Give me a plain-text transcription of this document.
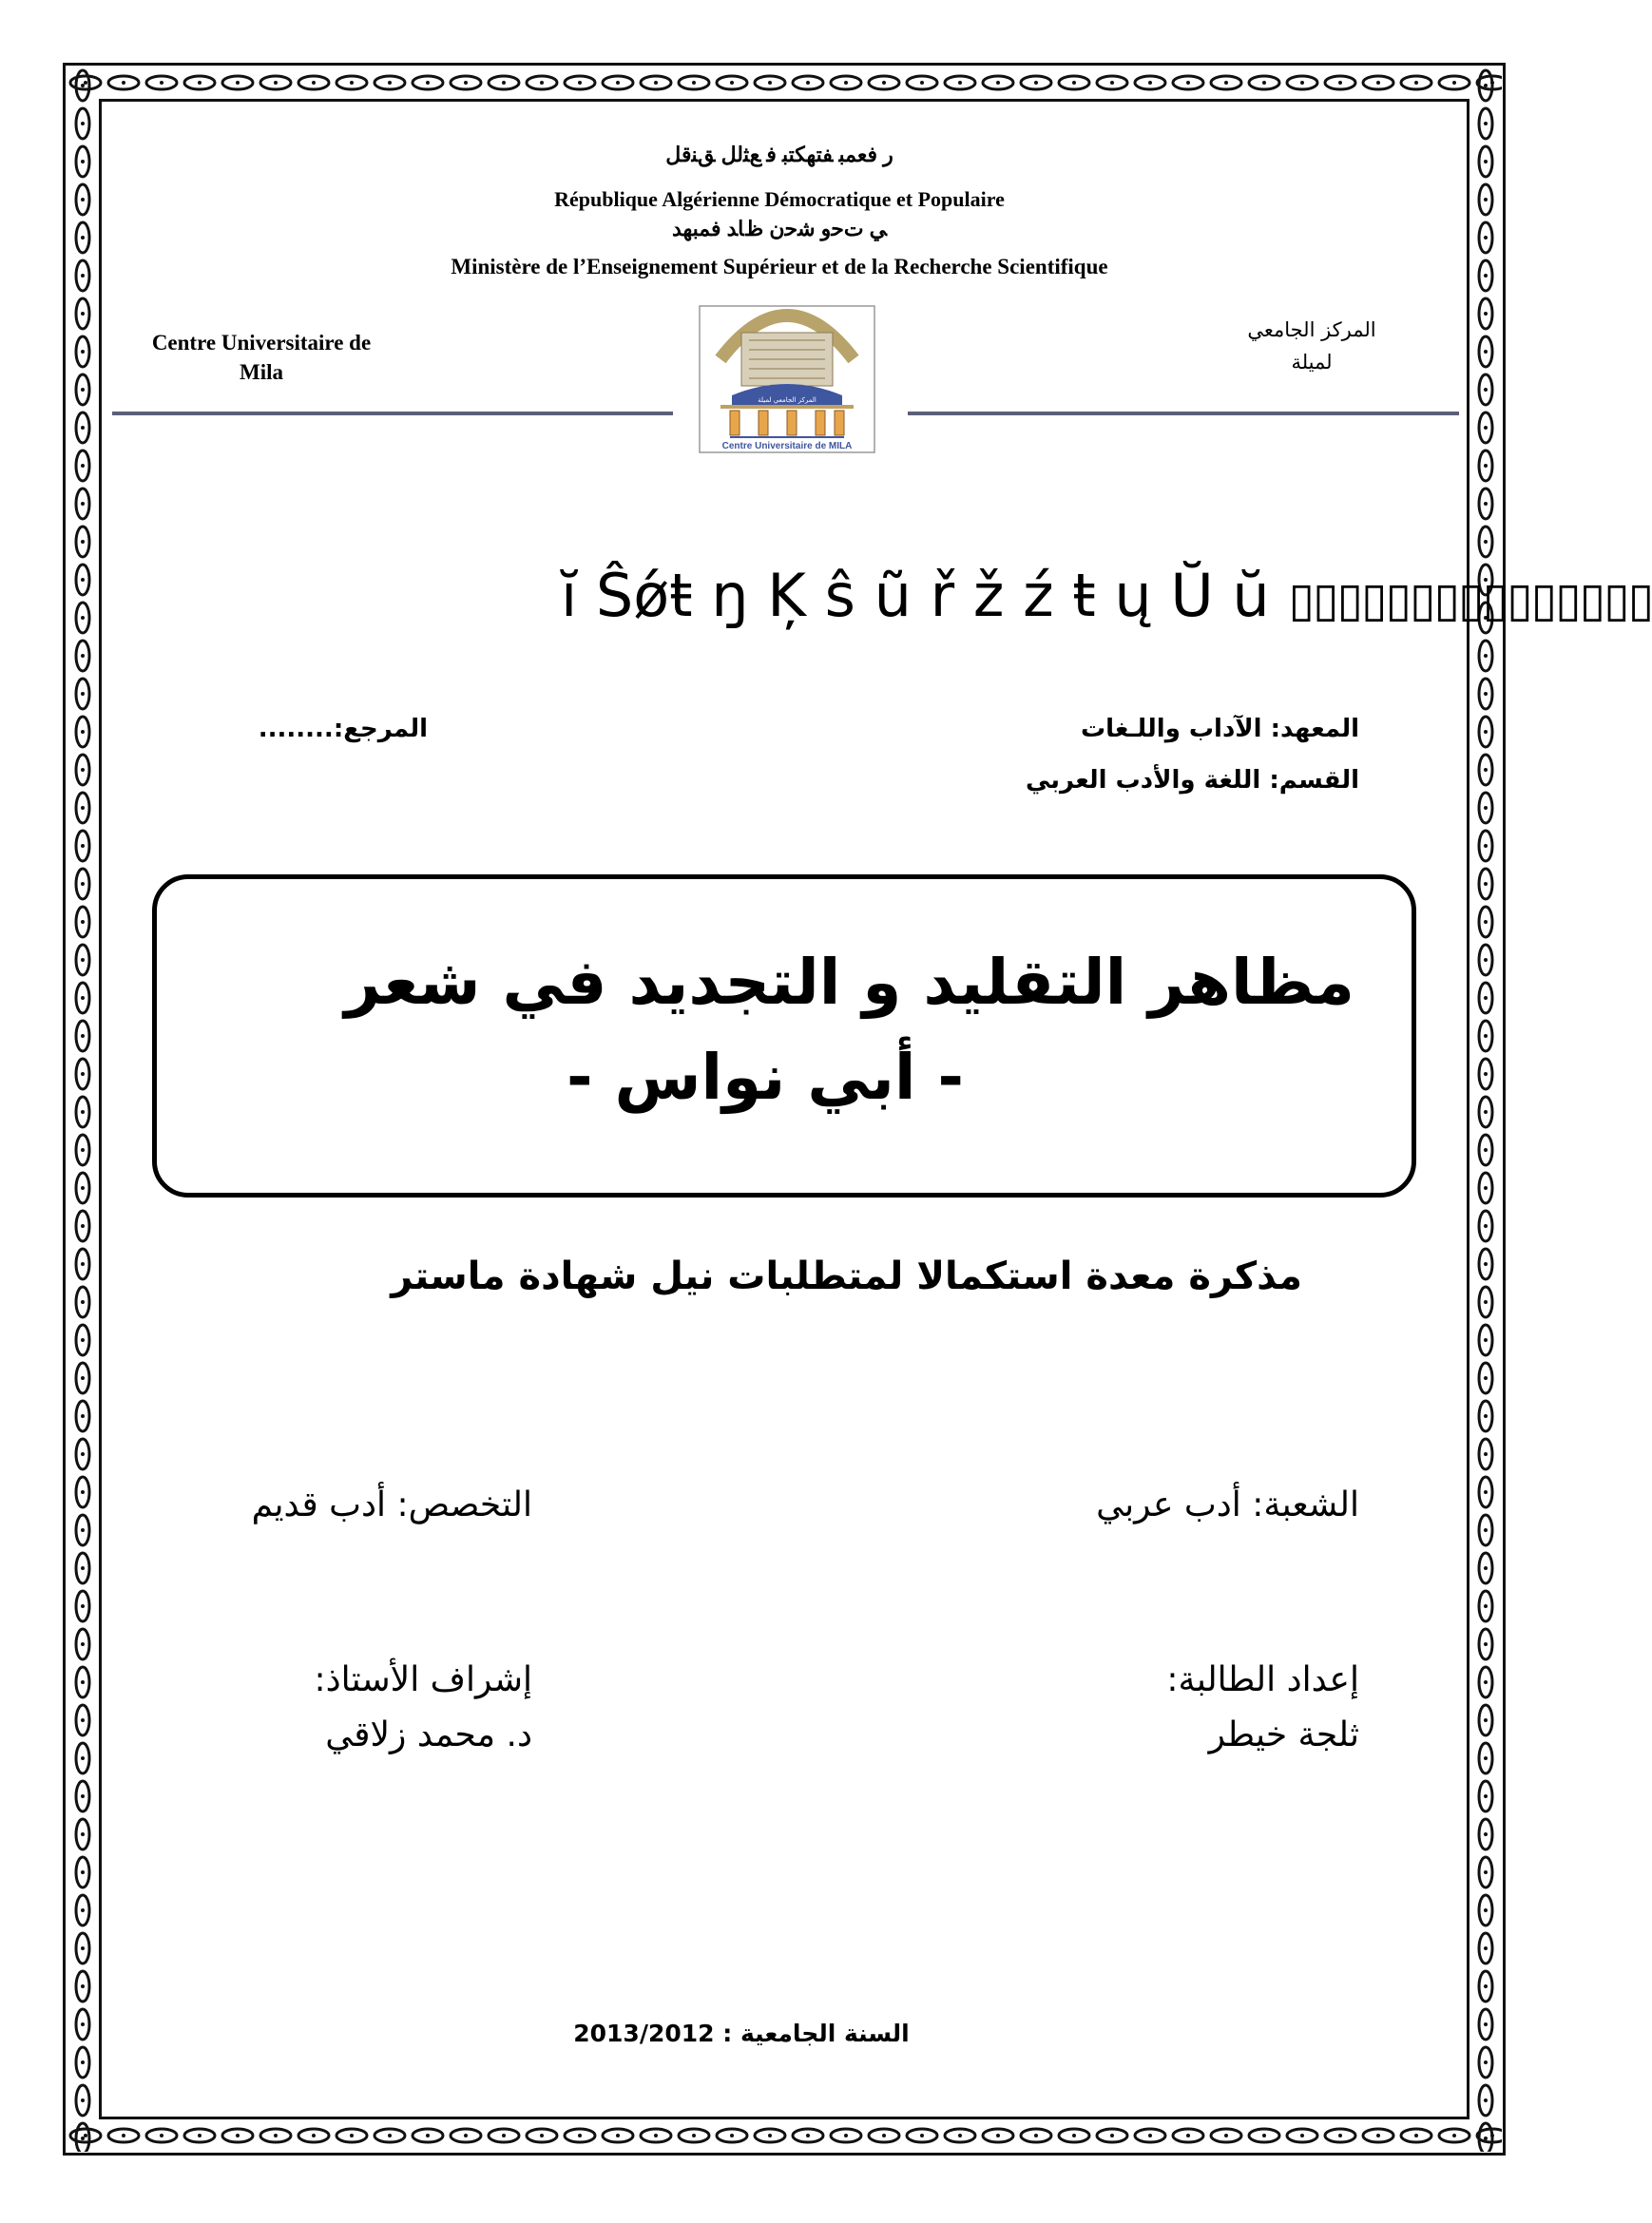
ﺭ ﻓﻌﻤﺒ ﻔﺘﻬﻜﺘﺒ ﻓ ﻊﺜﻟﻞ ﻖﻨﻗﻞ
République Algérienne Démocratique et Populaire
ﻲ ﺕﺣﻭ ﺷﺣﻥ ﻅﺎﺪ ﻓﻤﺒﻬﺪ
Ministère de l’Enseignement Supérieur et de la Recherche Scientifique
Centre Universitaire de
Mila
المركز الجامعي
لميلة
المركز الجامعي لميلة
Centre Universitaire de MILA
ĭ Ŝǿŧ ŋ Ķ ŝ ũ ř ž ź ŧ ų Ŭ ŭ ▯▯▯▯▯▯▯▯▯▯▯▯▯▯▯
المعهد: الآداب واللـغات
القسم: اللغة والأدب العربي
المرجع:........
مظاهر التقليد و التجديد في شعر
- أبي نواس -
مذكرة معدة استكمالا لمتطلبات نيل شهادة ماستر
الشعبة: أدب عربي
التخصص: أدب قديم
إعداد الطالبة:
ثلجة خيطر
إشراف الأستاذ:
د. محمد زلاقي
السنة الجامعية : 2013/2012
